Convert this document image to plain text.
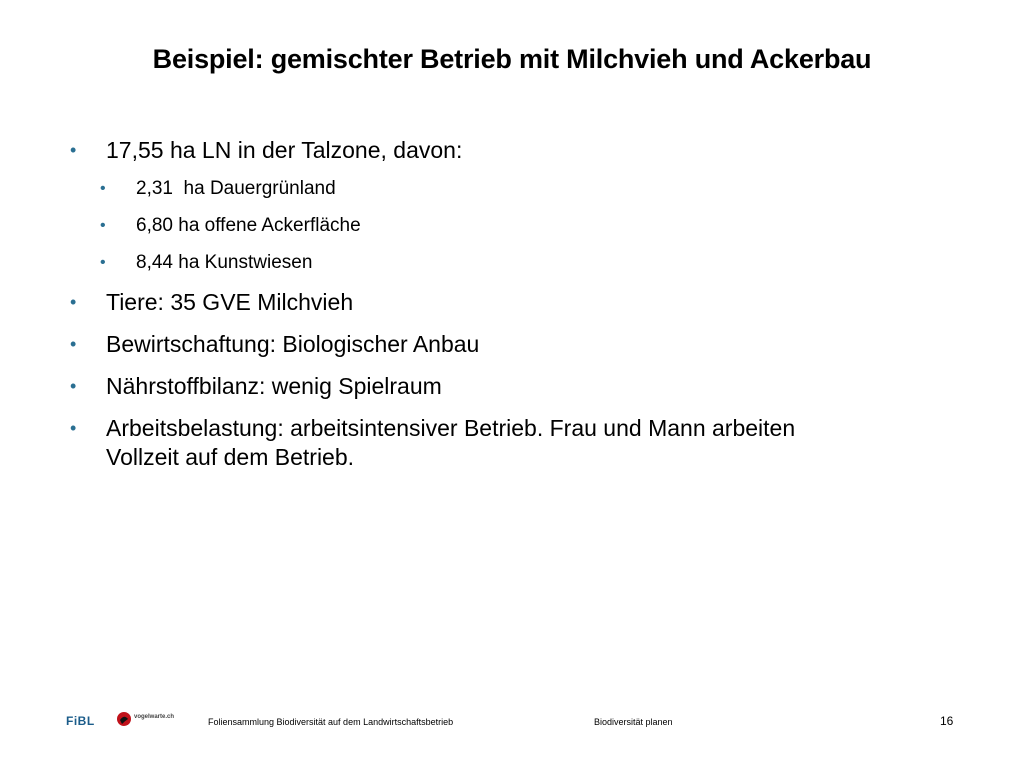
Beispiel: gemischter Betrieb mit Milchvieh und Ackerbau
• 17,55 ha LN in der Talzone, davon:
• 2,31  ha Dauergrünland
• 6,80 ha offene Ackerfläche
• 8,44 ha Kunstwiesen
• Tiere: 35 GVE Milchvieh
• Bewirtschaftung: Biologischer Anbau
• Nährstoffbilanz: wenig Spielraum
• Arbeitsbelastung: arbeitsintensiver Betrieb. Frau und Mann arbeiten Vollzeit auf dem Betrieb.
FiBL	vogelwarte.ch	Foliensammlung Biodiversität auf dem Landwirtschaftsbetrieb	Biodiversität planen	16
